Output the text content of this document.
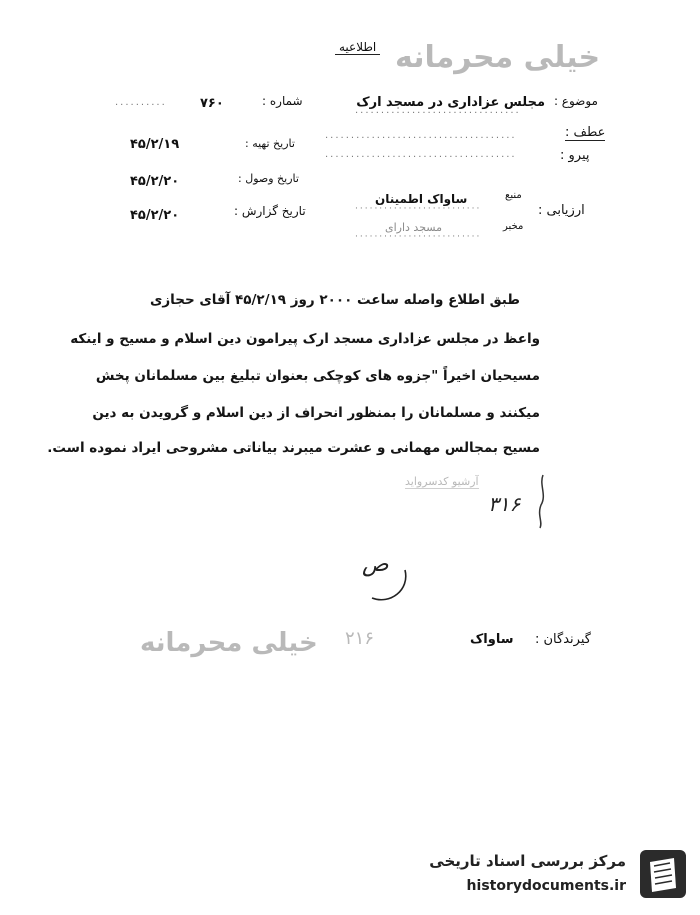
خیلی محرمانه
اطلاعیه
موضوع :
مجلس عزاداری در مسجد ارک
································
عطف :
·····································
پیرو :
·····································
ارزیابی :
منبع
ساواک اطمینان
··························
مخبر
مسجد دارای
··························
شماره :
··········	۷۶۰
تاریخ تهیه :
۴۵/۲/۱۹
تاریخ وصول :
۴۵/۲/۲۰
تاریخ گزارش :
۴۵/۲/۲۰
طبق اطلاع واصله ساعت ۲۰۰۰ روز ۴۵/۲/۱۹ آقای حجازی
واعظ در مجلس عزاداری مسجد ارک پیرامون دین اسلام و مسیح و اینکه
مسیحیان اخیراً "جزوه های کوچکی بعنوان تبلیغ بین مسلمانان پخش
میکنند و مسلمانان را بمنظور انحراف از دین اسلام و گرویدن به دین
مسیح بمجالس مهمانی و عشرت میبرند بیاناتی مشروحی ایراد نموده است.
آرشیو کدسرواید
۳۱۶
ص
گیرندگان :
ساواک
۲۱۶
خیلی محرمانه
مرکز بررسی اسناد تاریخی
historydocuments.ir
